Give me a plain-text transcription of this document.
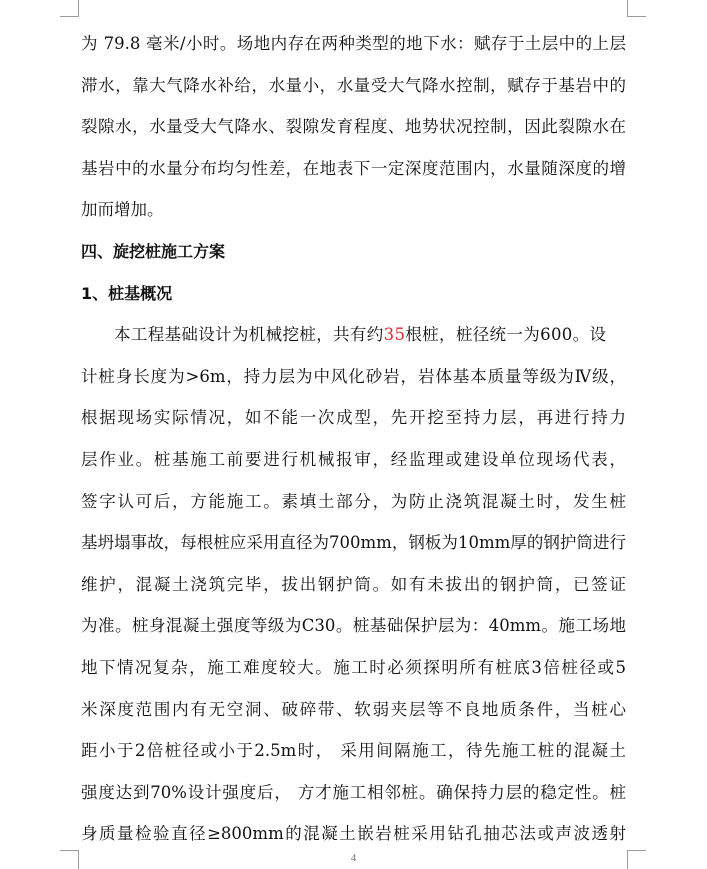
为 79.8 毫米/小时。场地内存在两种类型的地下水：赋存于土层中的上层
滞水，靠大气降水补给，水量小，水量受大气降水控制，赋存于基岩中的
裂隙水，水量受大气降水、裂隙发育程度、地势状况控制，因此裂隙水在
基岩中的水量分布均匀性差，在地表下一定深度范围内，水量随深度的增
加而增加。
四、旋挖桩施工方案
1、桩基概况
本工程基础设计为机械挖桩，共有约35根桩，桩径统一为600。设
计桩身长度为>6m，持力层为中风化砂岩，岩体基本质量等级为Ⅳ级，
根据现场实际情况，如不能一次成型，先开挖至持力层，再进行持力
层作业。桩基施工前要进行机械报审，经监理或建设单位现场代表，
签字认可后，方能施工。素填土部分，为防止浇筑混凝土时，发生桩
基坍塌事故，每根桩应采用直径为700mm，钢板为10mm厚的钢护筒进行
维护，混凝土浇筑完毕，拔出钢护筒。如有未拔出的钢护筒，已签证
为准。桩身混凝土强度等级为C30。桩基础保护层为：40mm。施工场地
地下情况复杂，施工难度较大。施工时必须探明所有桩底3倍桩径或5
米深度范围内有无空洞、破碎带、软弱夹层等不良地质条件，当桩心
距小于2倍桩径或小于2.5m时， 采用间隔施工，待先施工桩的混凝土
强度达到70%设计强度后， 方才施工相邻桩。确保持力层的稳定性。桩
身质量检验直径≥800mm的混凝土嵌岩桩采用钻孔抽芯法或声波透射
4
